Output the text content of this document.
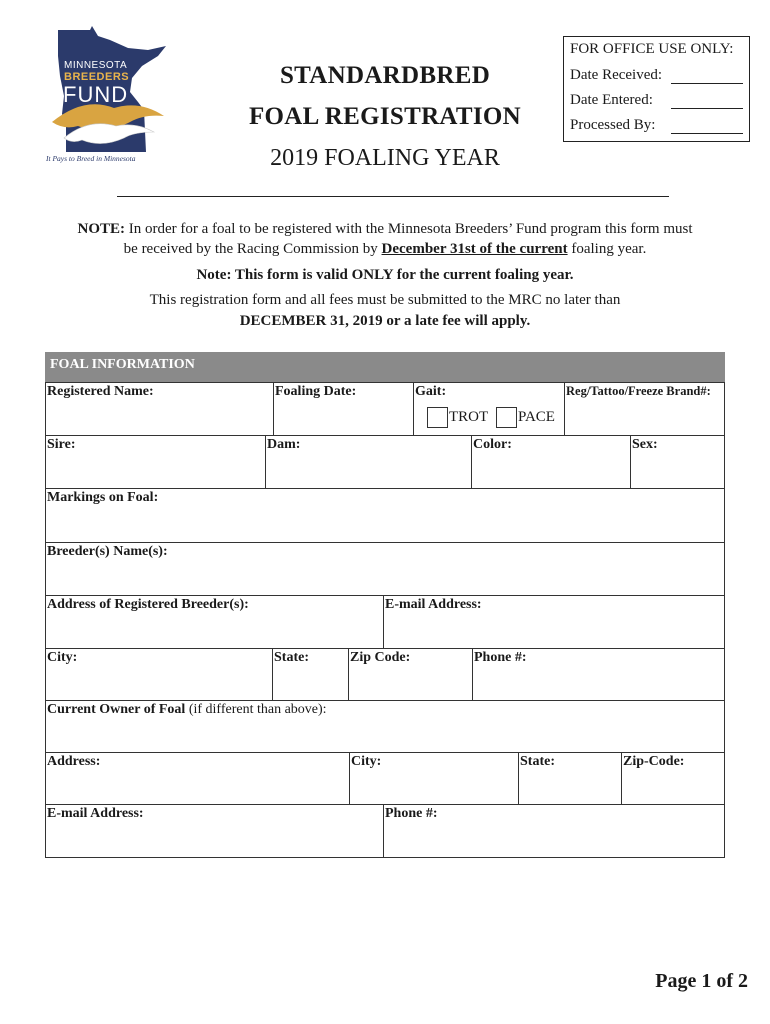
MINNESOTA
BREEDERS
FUND
It Pays to Breed in Minnesota
STANDARDBRED
FOAL REGISTRATION
2019 FOALING YEAR
FOR OFFICE USE ONLY:
Date Received:
Date Entered:
Processed By:
NOTE: In order for a foal to be registered with the Minnesota Breeders’ Fund program this form must
be received by the Racing Commission by December 31st of the current foaling year.
Note: This form is valid ONLY for the current foaling year.
This registration form and all fees must be submitted to the MRC no later than
DECEMBER 31, 2019 or a late fee will apply.
FOAL INFORMATION
Registered Name:	Foaling Date:	Gait:
TROT PACE
Reg/Tattoo/Freeze Brand#:
Sire:	Dam:	Color:	Sex:
Markings on Foal:
Breeder(s) Name(s):
Address of Registered Breeder(s):	E-mail Address:
City:	State:	Zip Code:	Phone #:
Current Owner of Foal (if different than above):
Address:	City:	State:	Zip-Code:
E-mail Address:	Phone #:
Page 1 of 2
